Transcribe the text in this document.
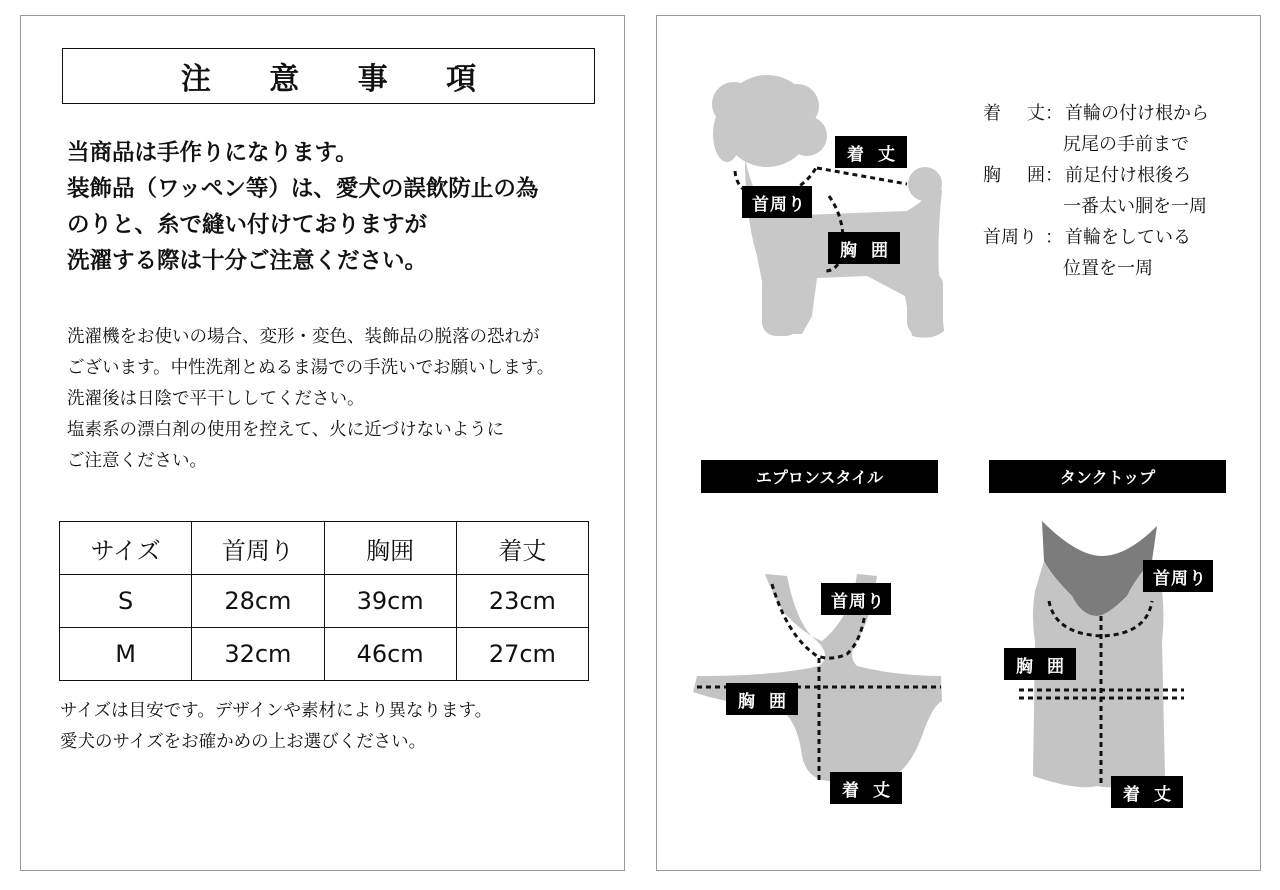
注 意 事 項
当商品は手作りになります。
装飾品（ワッペン等）は、愛犬の誤飲防止の為
のりと、糸で縫い付けておりますが
洗濯する際は十分ご注意ください。
洗濯機をお使いの場合、変形・変色、装飾品の脱落の恐れが
ございます。中性洗剤とぬるま湯での手洗いでお願いします。
洗濯後は日陰で平干ししてください。
塩素系の漂白剤の使用を控えて、火に近づけないように
ご注意ください。
サイズ	首周り	胸囲	着丈
S	28cm	39cm	23cm
M	32cm	46cm	27cm
サイズは目安です。デザインや素材により異なります。
愛犬のサイズをお確かめの上お選びください。
着 丈
首周り
胸 囲
着 丈： 首輪の付け根から
尻尾の手前まで
胸 囲： 前足付け根後ろ
一番太い胴を一周
首周り ： 首輪をしている
位置を一周
エプロンスタイル	タンクトップ
首周り
胸 囲
着 丈
首周り
胸 囲
着 丈
